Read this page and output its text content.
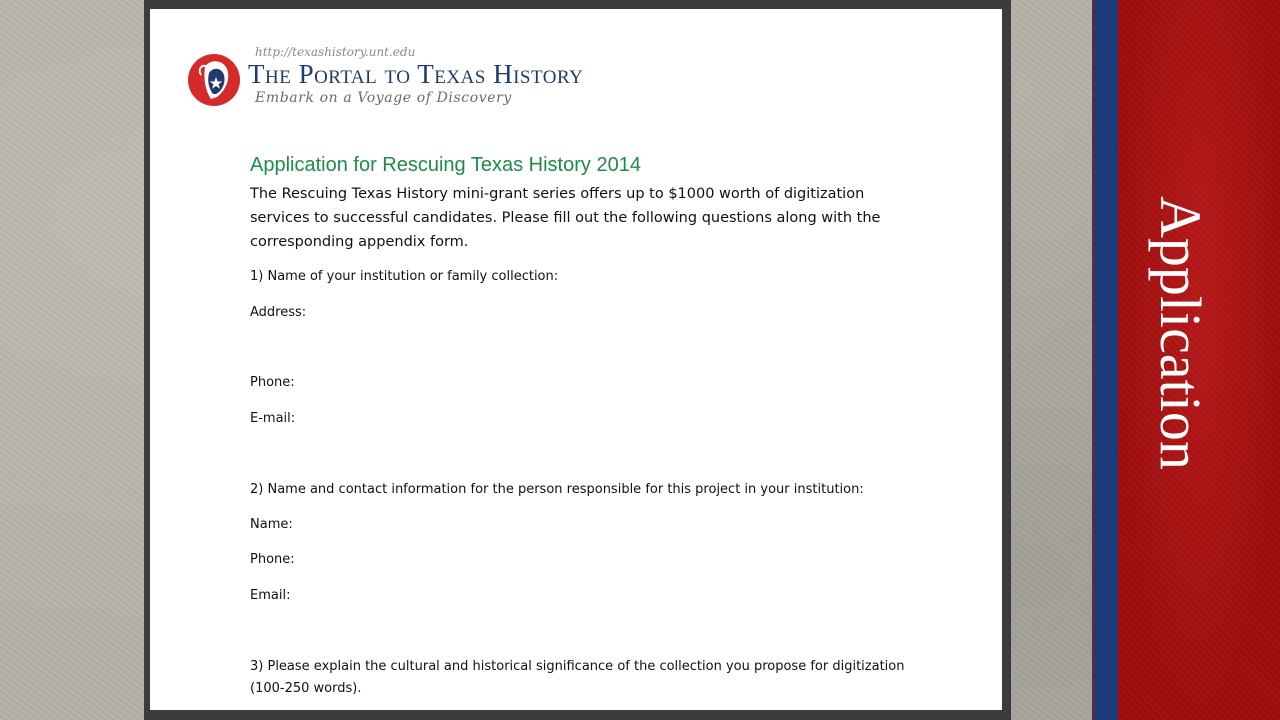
http://texashistory.unt.edu
The Portal to Texas History
Embark on a Voyage of Discovery
Application for Rescuing Texas History 2014
The Rescuing Texas History mini-grant series offers up to $1000 worth of digitization services to successful candidates. Please fill out the following questions along with the corresponding appendix form.
1) Name of your institution or family collection:
Address:
Phone:
E-mail:
2) Name and contact information for the person responsible for this project in your institution:
Name:
Phone:
Email:
3) Please explain the cultural and historical significance of the collection you propose for digitization (100-250 words).
Application
